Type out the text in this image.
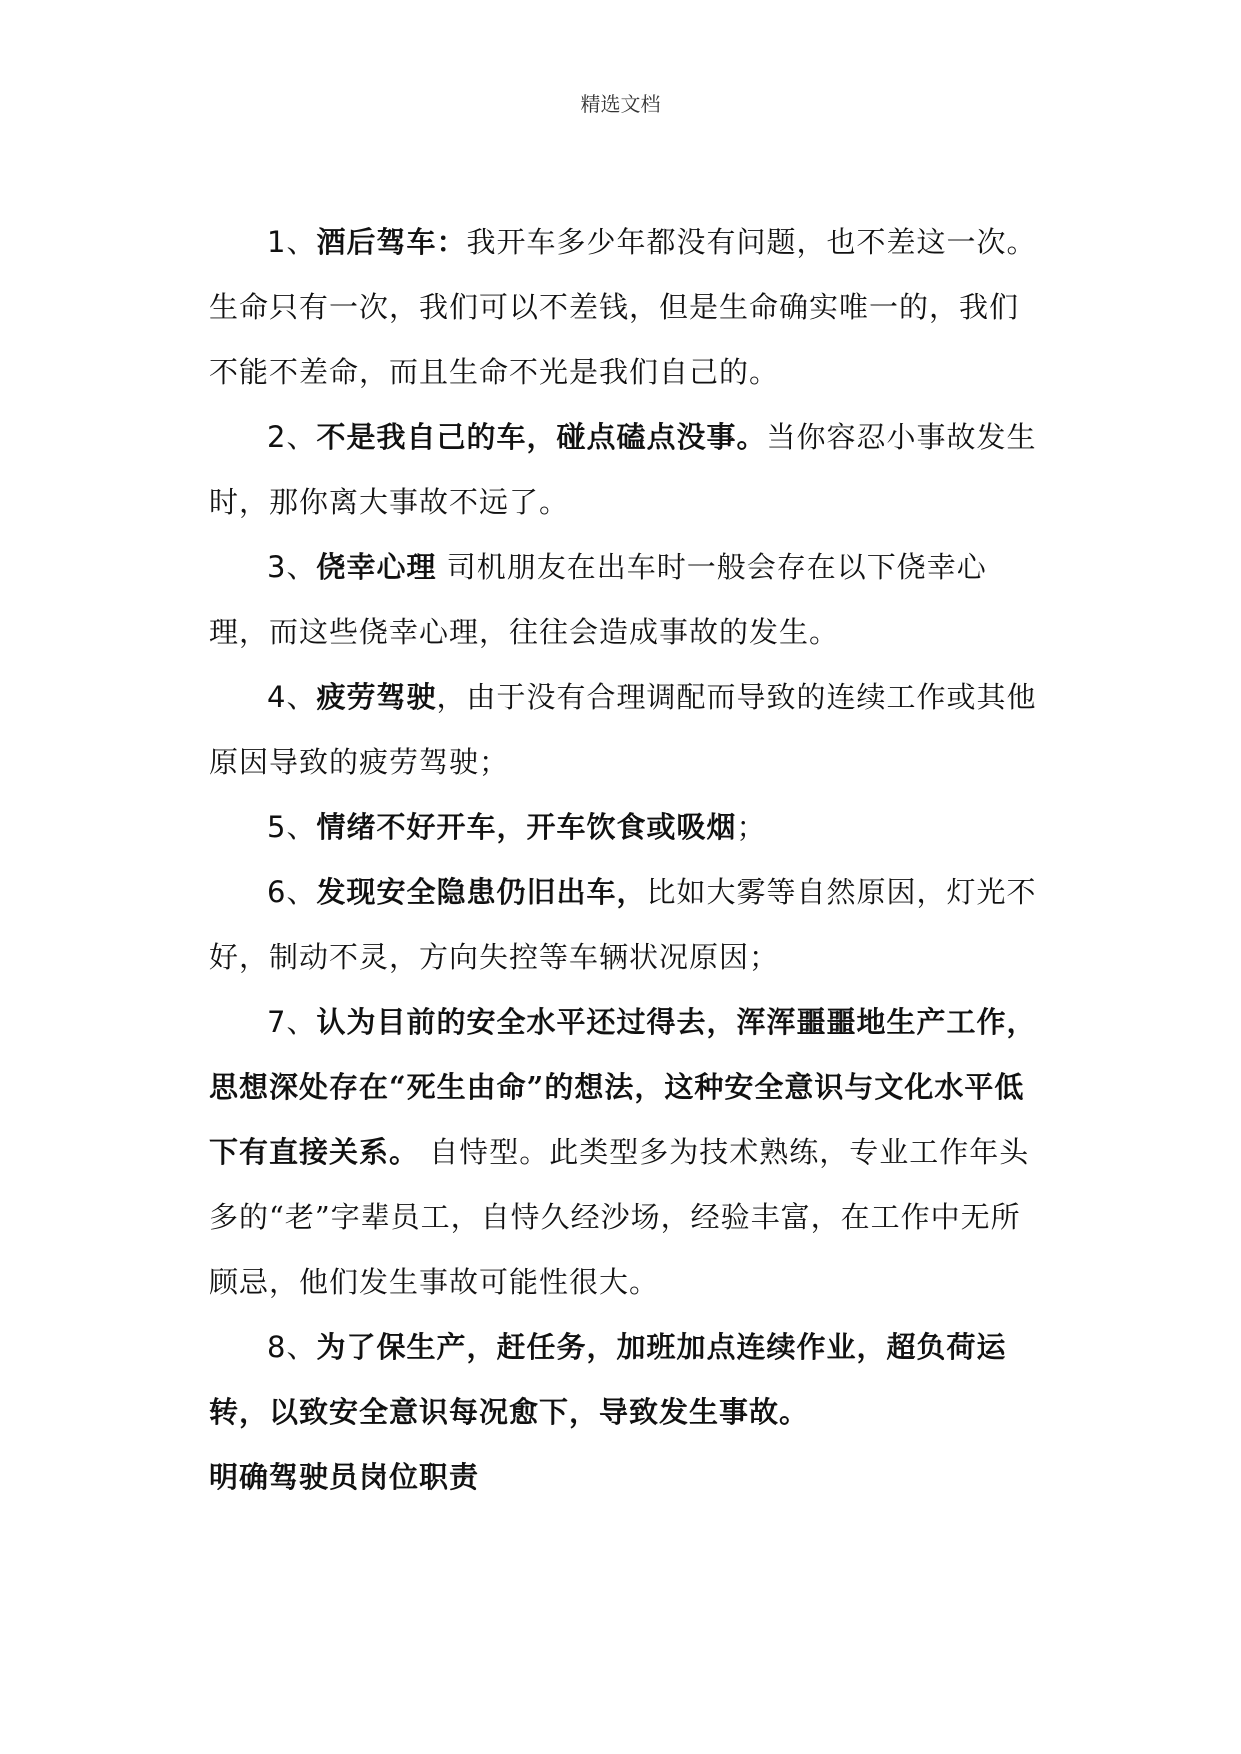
精选文档

1、酒后驾车：我开车多少年都没有问题，也不差这一次。生命只有一次，我们可以不差钱，但是生命确实唯一的，我们不能不差命，而且生命不光是我们自己的。

2、不是我自己的车，碰点磕点没事。当你容忍小事故发生时，那你离大事故不远了。

3、侥幸心理 司机朋友在出车时一般会存在以下侥幸心理，而这些侥幸心理，往往会造成事故的发生。

4、疲劳驾驶，由于没有合理调配而导致的连续工作或其他原因导致的疲劳驾驶；

5、情绪不好开车，开车饮食或吸烟；

6、发现安全隐患仍旧出车，比如大雾等自然原因，灯光不好，制动不灵，方向失控等车辆状况原因；

7、认为目前的安全水平还过得去，浑浑噩噩地生产工作，思想深处存在“死生由命”的想法，这种安全意识与文化水平低下有直接关系。 自恃型。此类型多为技术熟练，专业工作年头多的“老”字辈员工，自恃久经沙场，经验丰富，在工作中无所顾忌，他们发生事故可能性很大。

8、为了保生产，赶任务，加班加点连续作业，超负荷运转，以致安全意识每况愈下，导致发生事故。

明确驾驶员岗位职责
